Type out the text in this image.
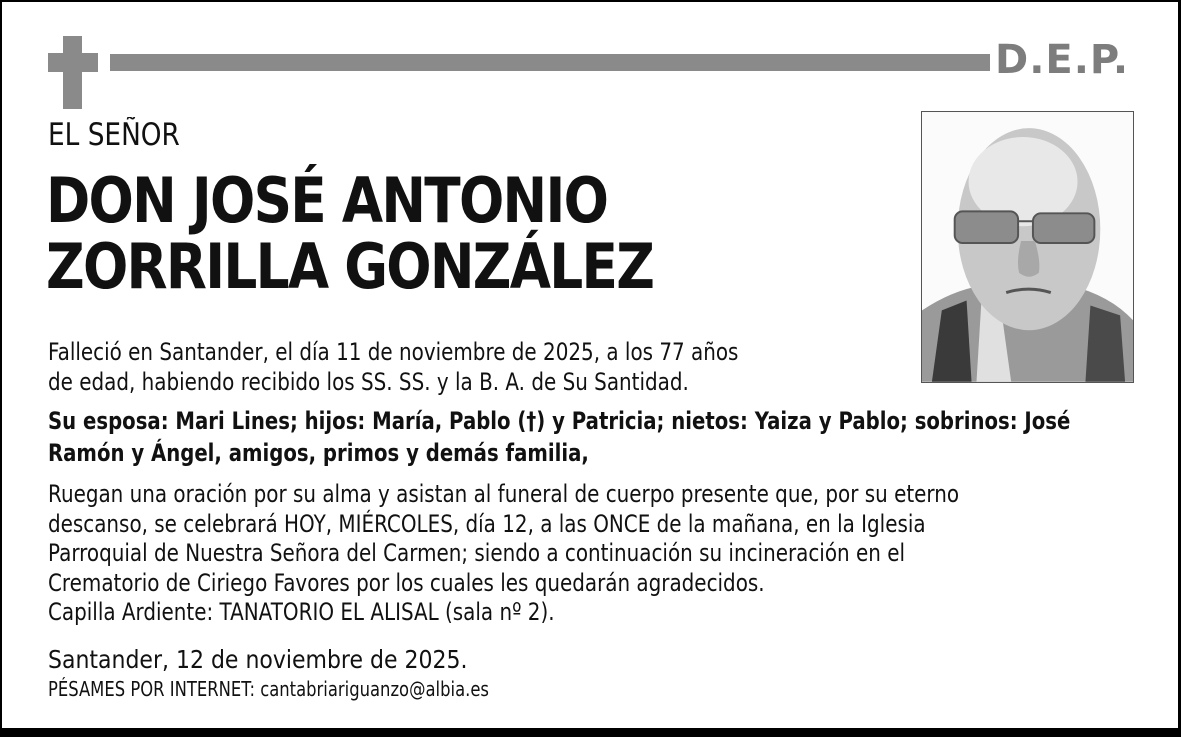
D.E.P.
EL SEÑOR
DON JOSÉ ANTONIO
ZORRILLA GONZÁLEZ
Falleció en Santander, el día 11 de noviembre de 2025, a los 77 años
de edad, habiendo recibido los SS. SS. y la B. A. de Su Santidad.
Su esposa: Mari Lines; hijos: María, Pablo (†) y Patricia; nietos: Yaiza y Pablo; sobrinos: José
Ramón y Ángel, amigos, primos y demás familia,
Ruegan una oración por su alma y asistan al funeral de cuerpo presente que, por su eterno
descanso, se celebrará HOY, MIÉRCOLES, día 12, a las ONCE de la mañana, en la Iglesia
Parroquial de Nuestra Señora del Carmen; siendo a continuación su incineración en el
Crematorio de Ciriego Favores por los cuales les quedarán agradecidos.
Capilla Ardiente: TANATORIO EL ALISAL (sala nº 2).
Santander, 12 de noviembre de 2025.
PÉSAMES POR INTERNET: cantabriariguanzo@albia.es
